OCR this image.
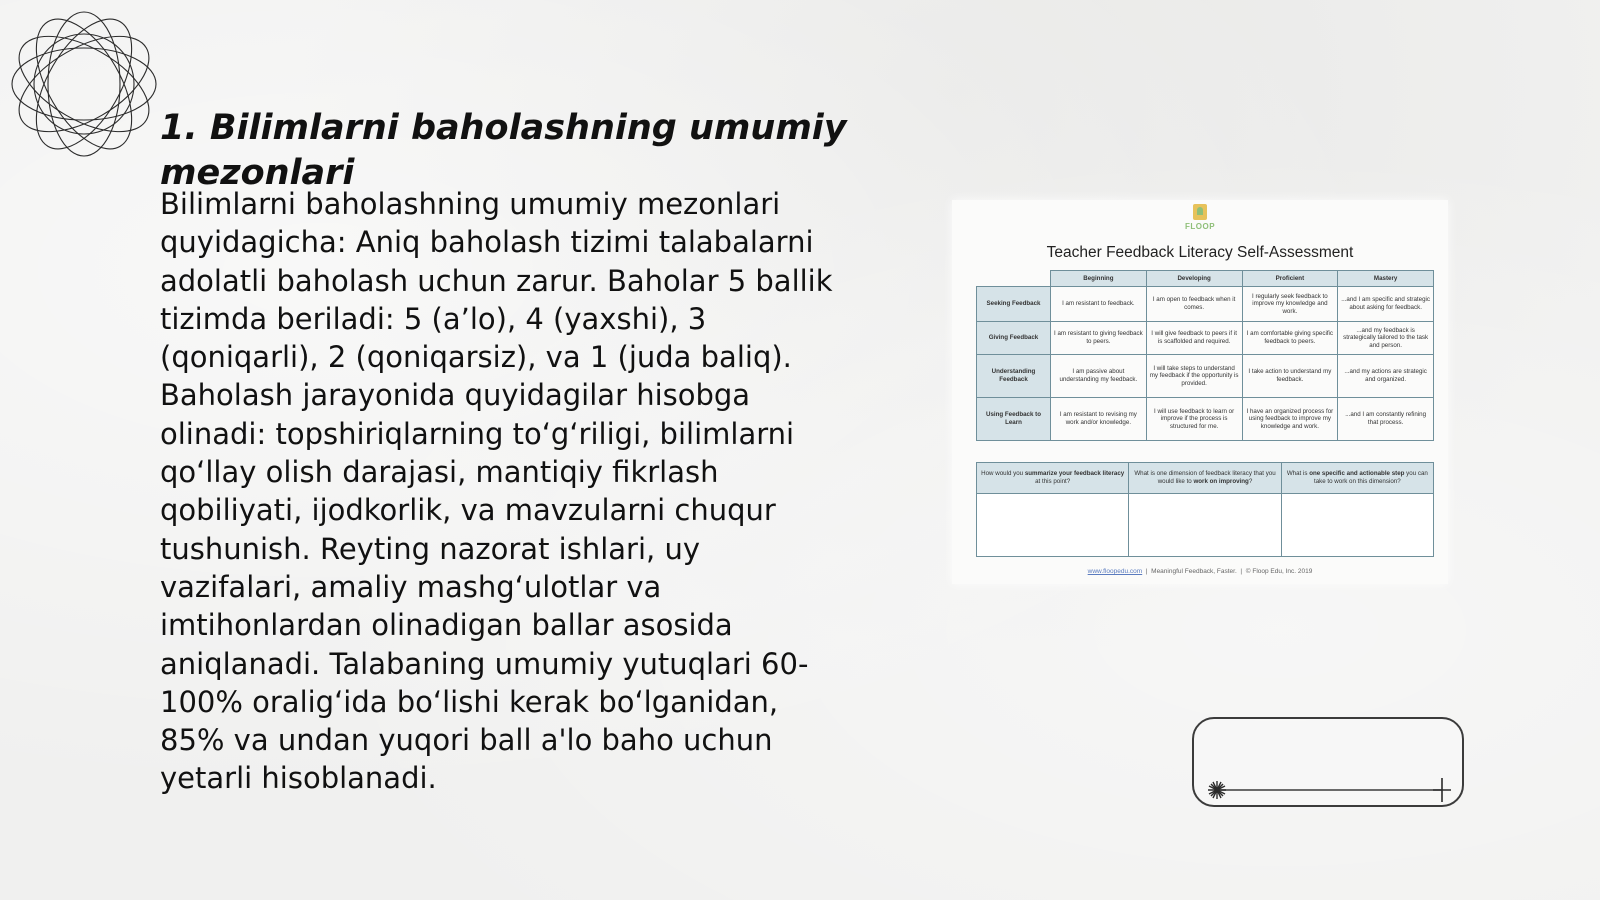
1. Bilimlarni baholashning umumiy mezonlari

Bilimlarni baholashning umumiy mezonlari quyidagicha: Aniq baholash tizimi talabalarni adolatli baholash uchun zarur. Baholar 5 ballik tizimda beriladi: 5 (a’lo), 4 (yaxshi), 3 (qoniqarli), 2 (qoniqarsiz), va 1 (juda baliq). Baholash jarayonida quyidagilar hisobga olinadi: topshiriqlarning to‘g‘riligi, bilimlarni qo‘llay olish darajasi, mantiqiy fikrlash qobiliyati, ijodkorlik, va mavzularni chuqur tushunish. Reyting nazorat ishlari, uy vazifalari, amaliy mashg‘ulotlar va imtihonlardan olinadigan ballar asosida aniqlanadi. Talabaning umumiy yutuqlari 60-100% oralig‘ida bo‘lishi kerak bo‘lganidan, 85% va undan yuqori ball a'lo baho uchun yetarli hisoblanadi.

FLOOP
Teacher Feedback Literacy Self-Assessment
	Beginning	Developing	Proficient	Mastery
Seeking Feedback	I am resistant to feedback.	I am open to feedback when it comes.	I regularly seek feedback to improve my knowledge and work.	...and I am specific and strategic about asking for feedback.
Giving Feedback	I am resistant to giving feedback to peers.	I will give feedback to peers if it is scaffolded and required.	I am comfortable giving specific feedback to peers.	...and my feedback is strategically tailored to the task and person.
Understanding Feedback	I am passive about understanding my feedback.	I will take steps to understand my feedback if the opportunity is provided.	I take action to understand my feedback.	...and my actions are strategic and organized.
Using Feedback to Learn	I am resistant to revising my work and/or knowledge.	I will use feedback to learn or improve if the process is structured for me.	I have an organized process for using feedback to improve my knowledge and work.	...and I am constantly refining that process.
How would you summarize your feedback literacy at this point?	What is one dimension of feedback literacy that you would like to work on improving?	What is one specific and actionable step you can take to work on this dimension?

www.floopedu.com | Meaningful Feedback, Faster. | © Floop Edu, Inc. 2019
